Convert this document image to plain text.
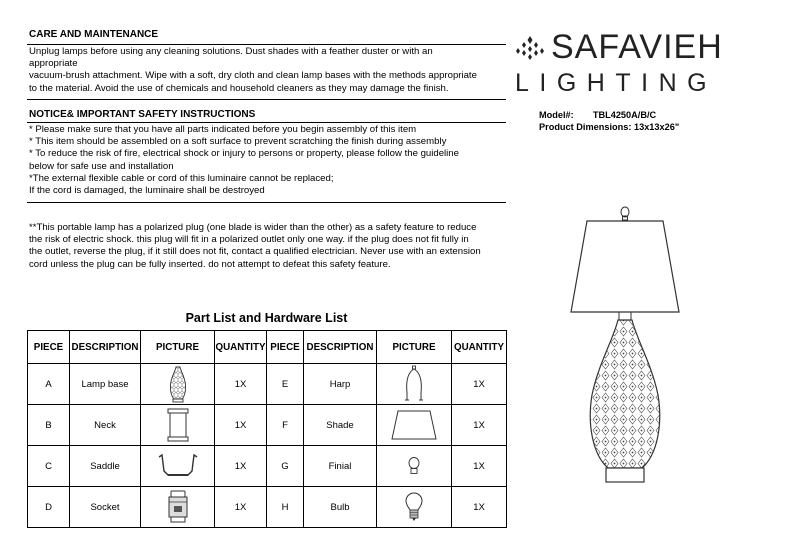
CARE AND MAINTENANCE

Unplug lamps before using any cleaning solutions. Dust shades with a feather duster or with an

appropriate

vacuum-brush attachment. Wipe with a soft, dry cloth and clean lamp bases with the methods appropriate

to the material. Avoid the use of chemicals and household cleaners as they may damage the finish.

NOTICE& IMPORTANT SAFETY INSTRUCTIONS

* Please make sure that you have all parts indicated before you begin assembly of this item

* This item should be assembled on a soft surface to prevent scratching the finish during assembly

* To reduce the risk of fire, electrical shock or injury to persons or property, please follow the guideline

below for safe use and installation

*The external flexible cable or cord of this luminaire cannot be replaced;

If the cord is damaged, the luminaire shall be destroyed

**This portable lamp has a polarized plug (one blade is wider than the other) as a safety feature to reduce

the risk of electric shock. this plug will fit in a polarized outlet only one way. if the plug does not fit fully in

the outlet, reverse the plug, if it still does not fit, contact a qualified electrician. Never use with an extension

cord unless the plug can be fully inserted. do not attempt to defeat this safety feature.

SAFAVIEH
LIGHTING
Model#: TBL4250A/B/C
Product Dimensions: 13x13x26"
Part List and Hardware List
PIECE	DESCRIPTION	PICTURE	QUANTITY	PIECE	DESCRIPTION	PICTURE	QUANTITY
A	Lamp base		1X	E	Harp		1X
B	Neck		1X	F	Shade		1X
C	Saddle		1X	G	Finial		1X
D	Socket		1X	H	Bulb		1X
